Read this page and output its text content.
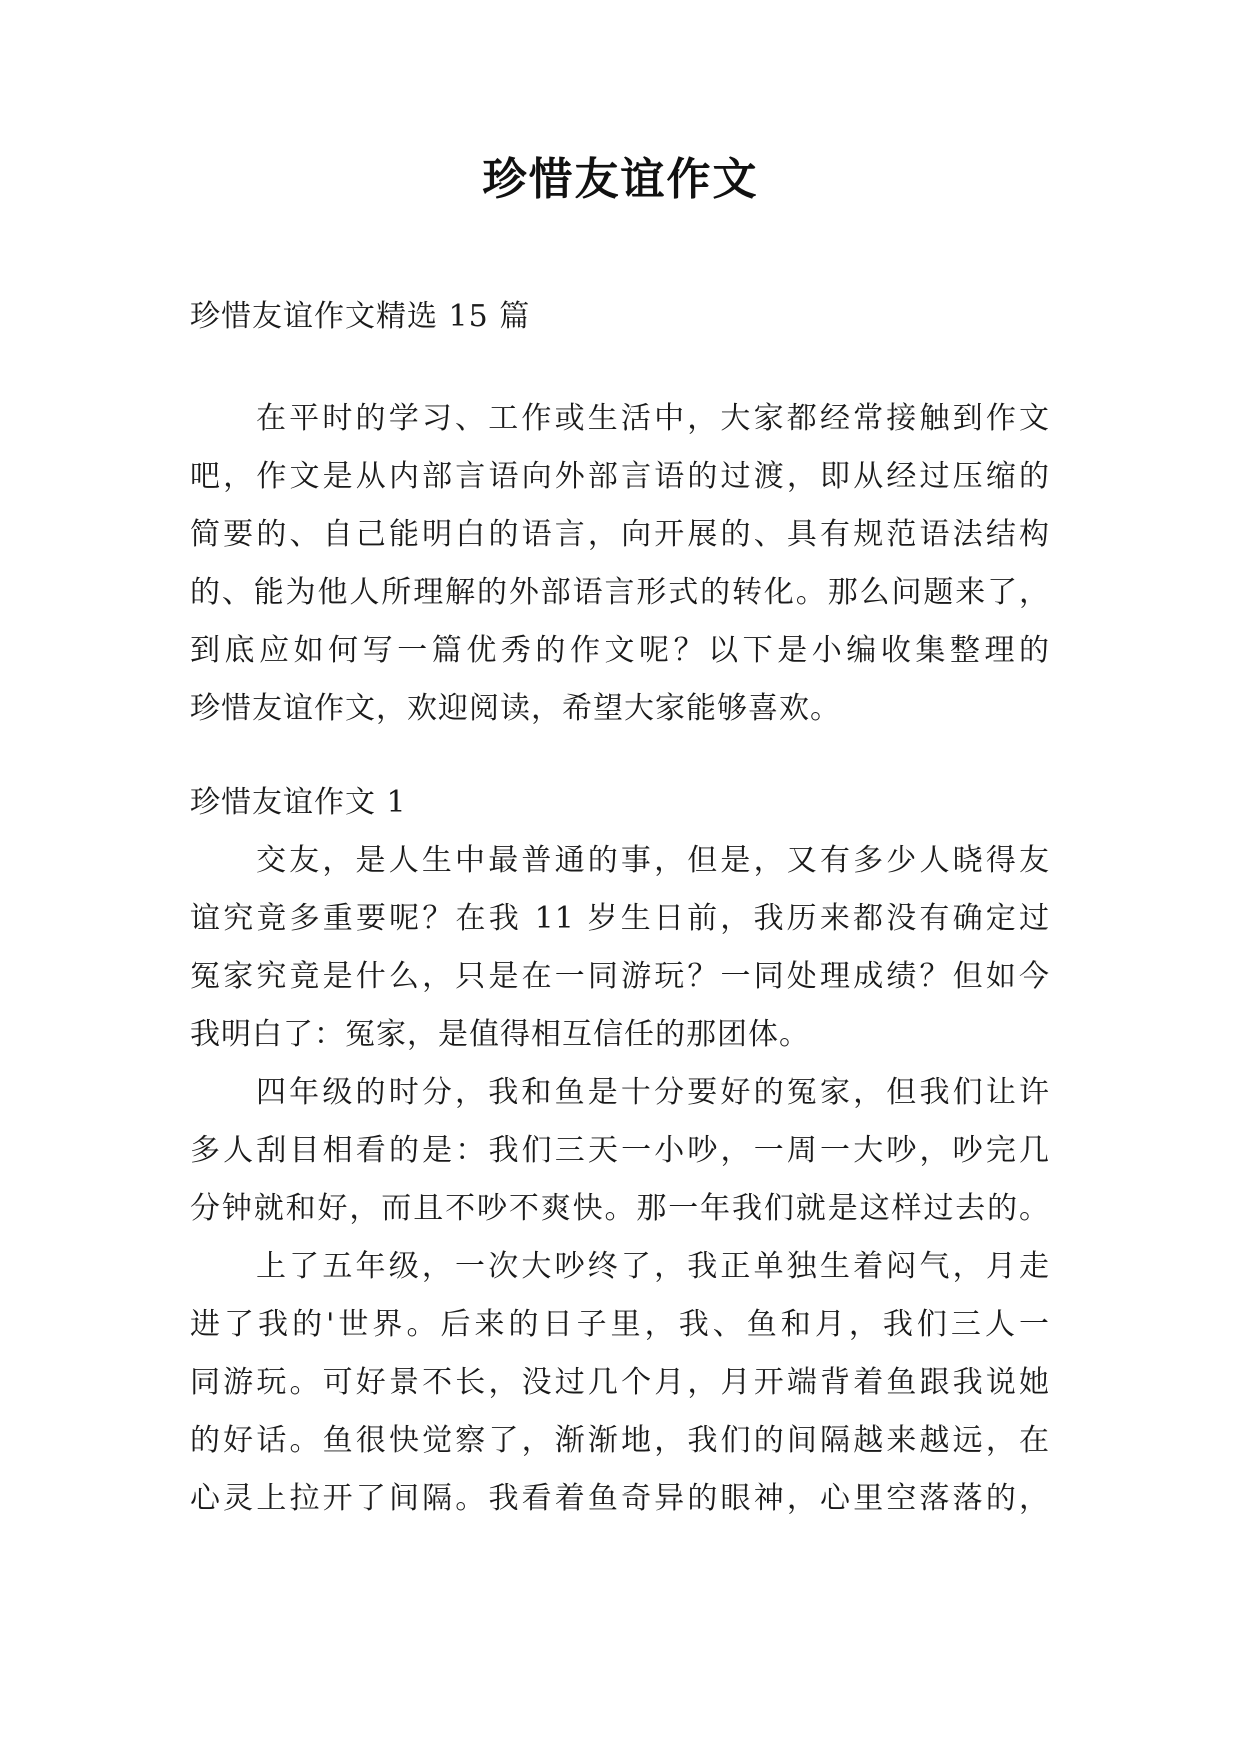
珍惜友谊作文
珍惜友谊作文精选 15 篇
在平时的学习、工作或生活中，大家都经常接触到作文
吧，作文是从内部言语向外部言语的过渡，即从经过压缩的
简要的、自己能明白的语言，向开展的、具有规范语法结构
的、能为他人所理解的外部语言形式的转化。那么问题来了，
到底应如何写一篇优秀的作文呢？以下是小编收集整理的
珍惜友谊作文，欢迎阅读，希望大家能够喜欢。
珍惜友谊作文 1
交友，是人生中最普通的事，但是，又有多少人晓得友
谊究竟多重要呢？在我 11 岁生日前，我历来都没有确定过
冤家究竟是什么，只是在一同游玩？一同处理成绩？但如今
我明白了：冤家，是值得相互信任的那团体。
四年级的时分，我和鱼是十分要好的冤家，但我们让许
多人刮目相看的是：我们三天一小吵，一周一大吵，吵完几
分钟就和好，而且不吵不爽快。那一年我们就是这样过去的。
上了五年级，一次大吵终了，我正单独生着闷气，月走
进了我的'世界。后来的日子里，我、鱼和月，我们三人一
同游玩。可好景不长，没过几个月，月开端背着鱼跟我说她
的好话。鱼很快觉察了，渐渐地，我们的间隔越来越远，在
心灵上拉开了间隔。我看着鱼奇异的眼神，心里空落落的，
